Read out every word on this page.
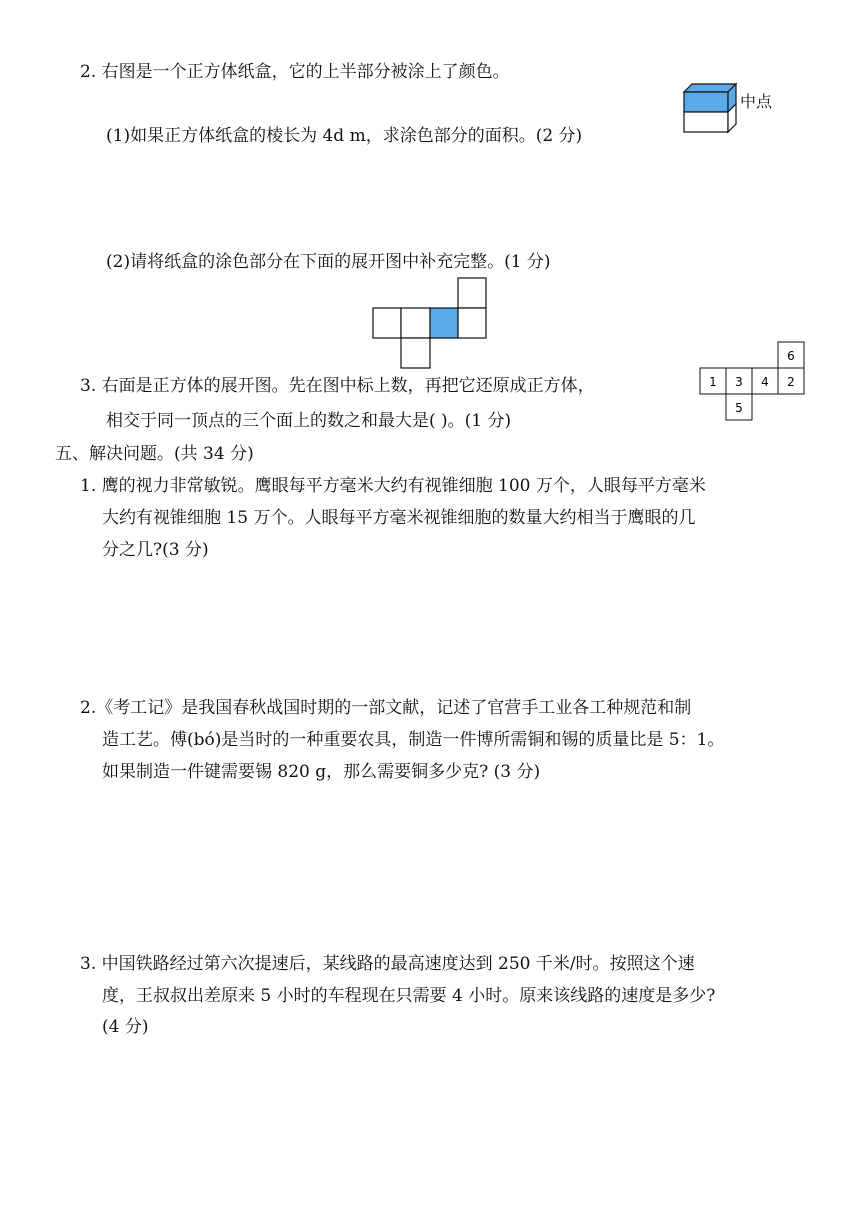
2. 右图是一个正方体纸盒，它的上半部分被涂上了颜色。
中点
(1)如果正方体纸盒的棱长为 4d m，求涂色部分的面积。(2 分)
(2)请将纸盒的涂色部分在下面的展开图中补充完整。(1 分)
3. 右面是正方体的展开图。先在图中标上数，再把它还原成正方体，
相交于同一顶点的三个面上的数之和最大是( )。(1 分)
6
1 3 4 2
5
五、解决问题。(共 34 分)
1. 鹰的视力非常敏锐。鹰眼每平方毫米大约有视锥细胞 100 万个，人眼每平方毫米
大约有视锥细胞 15 万个。人眼每平方毫米视锥细胞的数量大约相当于鹰眼的几
分之几?(3 分)
2.《考工记》是我国春秋战国时期的一部文献，记述了官营手工业各工种规范和制
造工艺。傅(bó)是当时的一种重要农具，制造一件博所需铜和锡的质量比是 5：1。
如果制造一件键需要锡 820 g，那么需要铜多少克? (3 分)
3. 中国铁路经过第六次提速后，某线路的最高速度达到 250 千米/时。按照这个速
度，王叔叔出差原来 5 小时的车程现在只需要 4 小时。原来该线路的速度是多少?
(4 分)
